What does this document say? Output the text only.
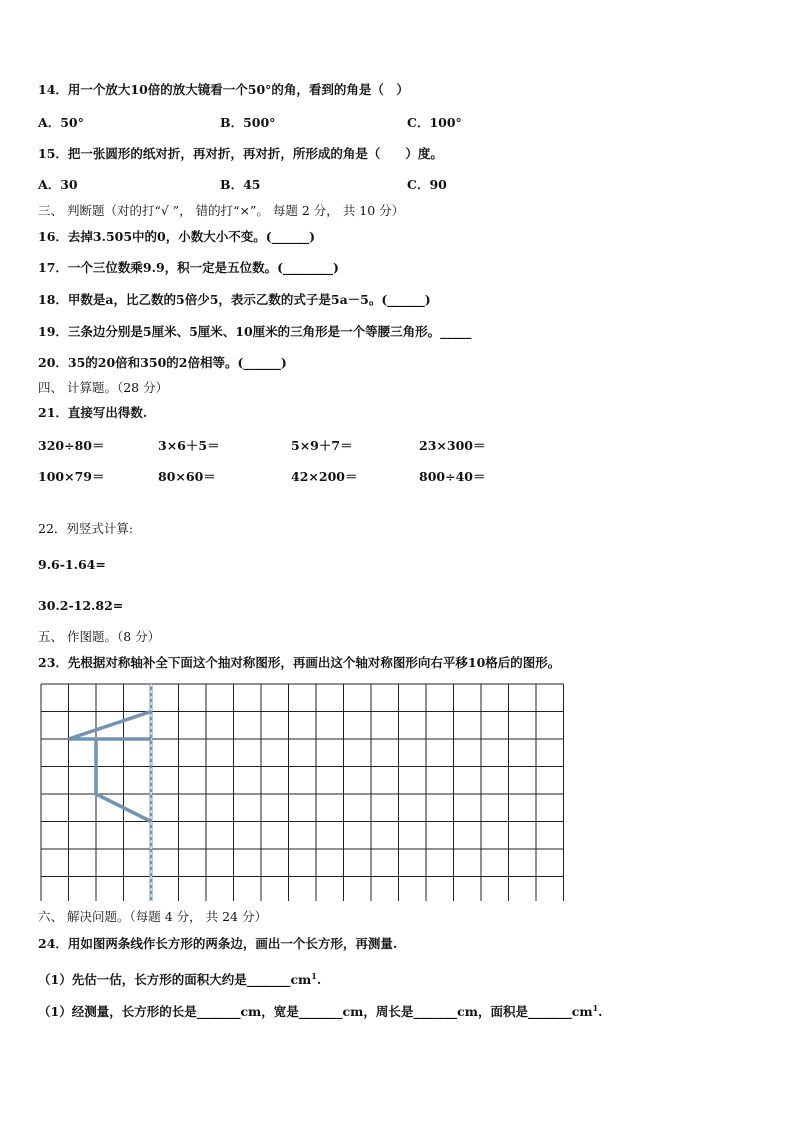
14．用一个放大10倍的放大镜看一个50°的角，看到的角是（　）
A．50°	B．500°	C．100°
15．把一张圆形的纸对折，再对折，再对折，所形成的角是（　　）度。
A．30	B．45	C．90
三、 判断题（对的打“√ ”， 错的打“×”。 每题 2 分， 共 10 分）
16．去掉3.505中的0，小数大小不变。(______)
17．一个三位数乘9.9，积一定是五位数。(________)
18．甲数是a，比乙数的5倍少5，表示乙数的式子是5a－5。(______)
19．三条边分别是5厘米、5厘米、10厘米的三角形是一个等腰三角形。_____
20．35的20倍和350的2倍相等。(______)
四、 计算题。（28 分）
21．直接写出得数.
320÷80＝	3×6＋5＝	5×9＋7＝	23×300＝
100×79＝	80×60＝	42×200＝	800÷40＝
22．列竖式计算:
9.6-1.64=
30.2-12.82=
五、 作图题。（8 分）
23．先根据对称轴补全下面这个抽对称图形，再画出这个轴对称图形向右平移10格后的图形。
六、 解决问题。（每题 4 分， 共 24 分）
24．用如图两条线作长方形的两条边，画出一个长方形，再测量.
（1）先估一估，长方形的面积大约是$\_\_\_\_\_\_\_cm^1$.
（1）经测量，长方形的长是_______cm，宽是_______cm，周长是_______cm，面积是$\_\_\_\_\_\_\_cm^1$.
